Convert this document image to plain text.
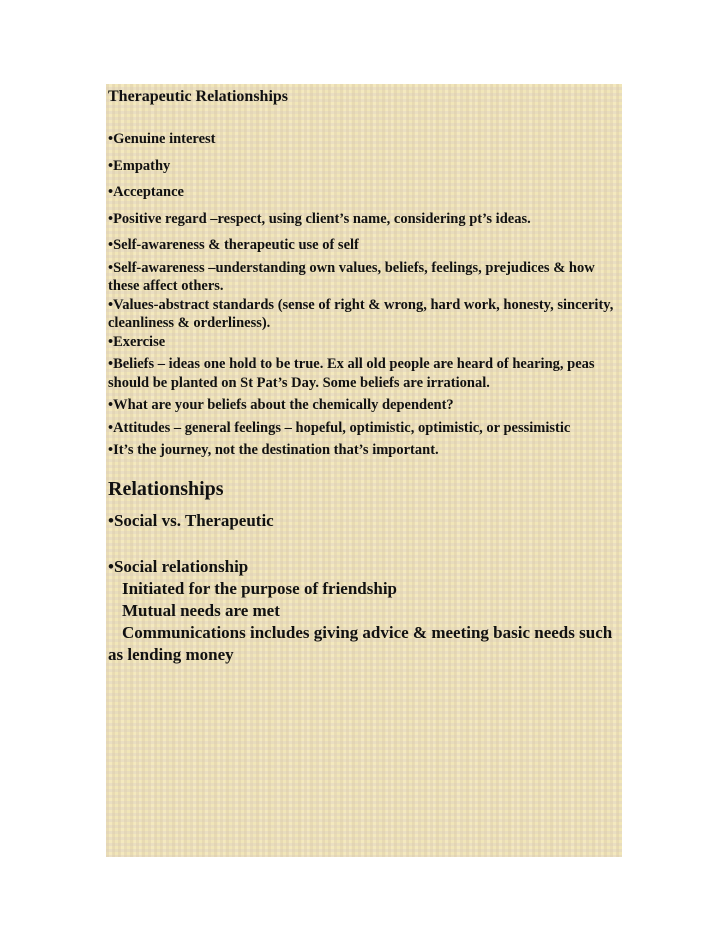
Therapeutic Relationships

•Genuine interest

•Empathy

•Acceptance

•Positive regard –respect, using client’s name, considering pt’s ideas.

•Self-awareness & therapeutic use of self

•Self-awareness –understanding own values, beliefs, feelings, prejudices & how these affect others.

•Values-abstract standards (sense of right & wrong, hard work, honesty, sincerity, cleanliness & orderliness).

•Exercise

•Beliefs – ideas one hold to be true. Ex all old people are heard of hearing, peas should be planted on St Pat’s Day. Some beliefs are irrational.

•What are your beliefs about the chemically dependent?

•Attitudes – general feelings – hopeful, optimistic, optimistic, or pessimistic

•It’s the journey, not the destination that’s important.

Relationships

•Social vs. Therapeutic

•Social relationship

Initiated for the purpose of friendship

Mutual needs are met

Communications includes giving advice & meeting basic needs such as lending money
